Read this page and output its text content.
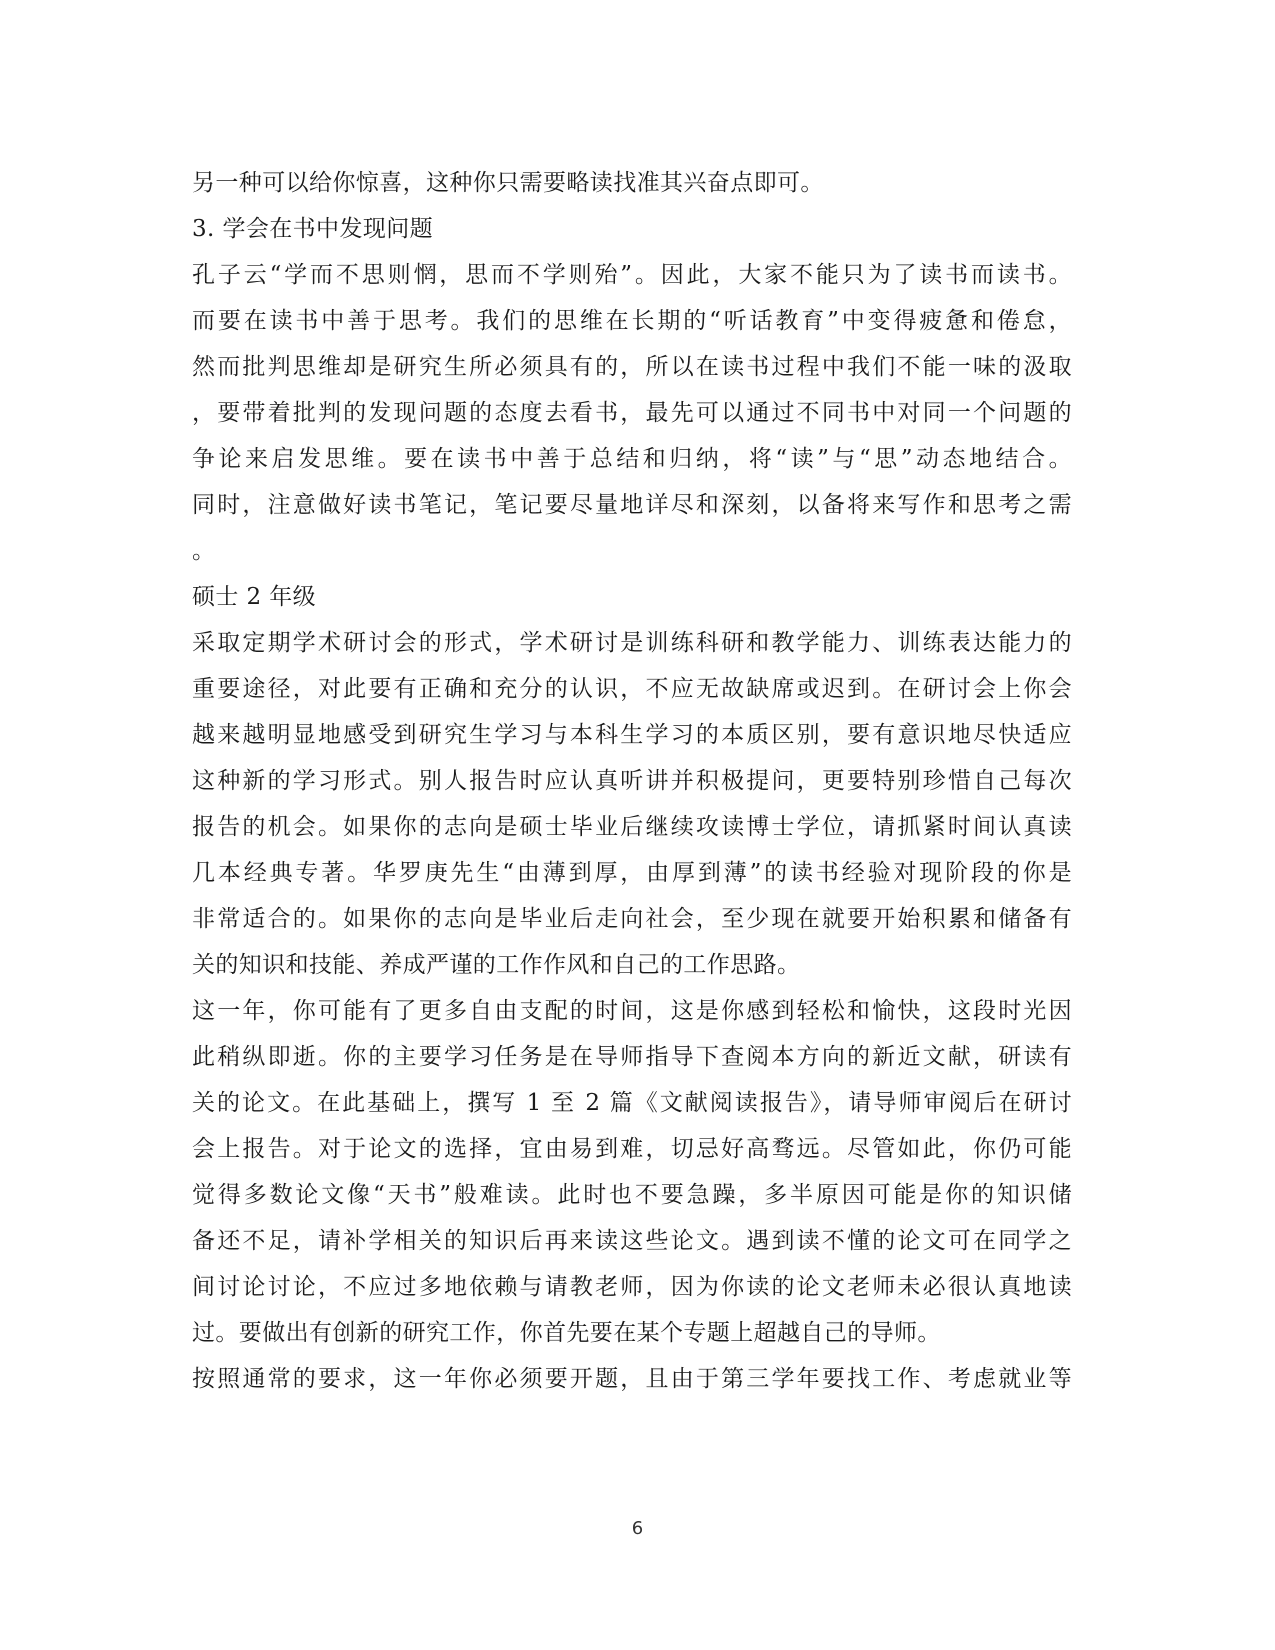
另一种可以给你惊喜，这种你只需要略读找准其兴奋点即可。
3. 学会在书中发现问题
孔子云“学而不思则惘，思而不学则殆”。因此，大家不能只为了读书而读书。
而要在读书中善于思考。我们的思维在长期的“听话教育”中变得疲惫和倦怠，
然而批判思维却是研究生所必须具有的，所以在读书过程中我们不能一味的汲取
，要带着批判的发现问题的态度去看书，最先可以通过不同书中对同一个问题的
争论来启发思维。要在读书中善于总结和归纳，将“读”与“思”动态地结合。
同时，注意做好读书笔记，笔记要尽量地详尽和深刻，以备将来写作和思考之需
。
硕士 2 年级
采取定期学术研讨会的形式，学术研讨是训练科研和教学能力、训练表达能力的
重要途径，对此要有正确和充分的认识，不应无故缺席或迟到。在研讨会上你会
越来越明显地感受到研究生学习与本科生学习的本质区别，要有意识地尽快适应
这种新的学习形式。别人报告时应认真听讲并积极提问，更要特别珍惜自己每次
报告的机会。如果你的志向是硕士毕业后继续攻读博士学位，请抓紧时间认真读
几本经典专著。华罗庚先生“由薄到厚，由厚到薄”的读书经验对现阶段的你是
非常适合的。如果你的志向是毕业后走向社会，至少现在就要开始积累和储备有
关的知识和技能、养成严谨的工作作风和自己的工作思路。
这一年，你可能有了更多自由支配的时间，这是你感到轻松和愉快，这段时光因
此稍纵即逝。你的主要学习任务是在导师指导下查阅本方向的新近文献，研读有
关的论文。在此基础上，撰写 1 至 2 篇《文献阅读报告》，请导师审阅后在研讨
会上报告。对于论文的选择，宜由易到难，切忌好高骛远。尽管如此，你仍可能
觉得多数论文像“天书”般难读。此时也不要急躁，多半原因可能是你的知识储
备还不足，请补学相关的知识后再来读这些论文。遇到读不懂的论文可在同学之
间讨论讨论，不应过多地依赖与请教老师，因为你读的论文老师未必很认真地读
过。要做出有创新的研究工作，你首先要在某个专题上超越自己的导师。
按照通常的要求，这一年你必须要开题，且由于第三学年要找工作、考虑就业等
6
